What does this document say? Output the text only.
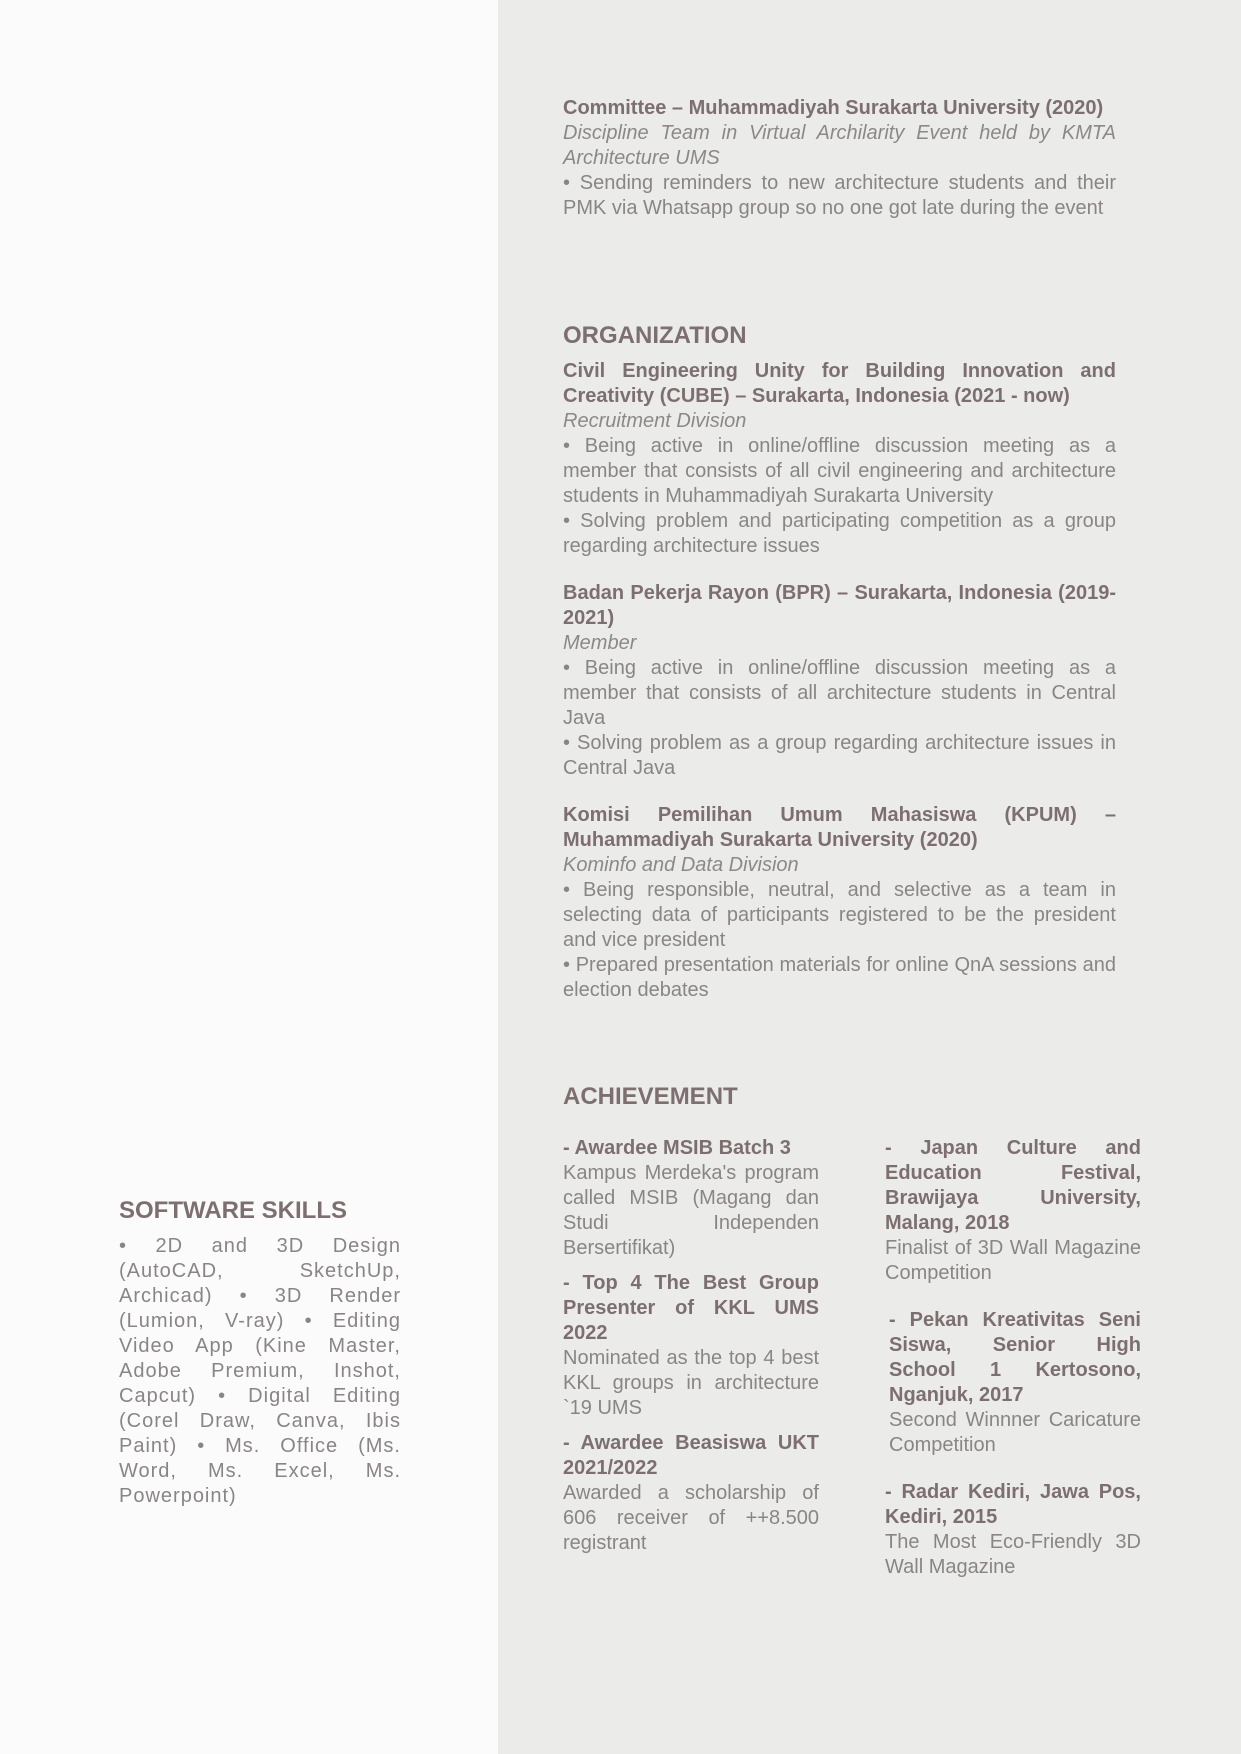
Committee – Muhammadiyah Surakarta University (2020)

Discipline Team in Virtual Archilarity Event held by KMTA Architecture UMS

• Sending reminders to new architecture students and their PMK via Whatsapp group so no one got late during the event

ORGANIZATION

Civil Engineering Unity for Building Innovation and Creativity (CUBE) – Surakarta, Indonesia (2021 - now)

Recruitment Division

• Being active in online/offline discussion meeting as a member that consists of all civil engineering and architecture students in Muhammadiyah Surakarta University

• Solving problem and participating competition as a group regarding architecture issues

Badan Pekerja Rayon (BPR) – Surakarta, Indonesia (2019-2021)

Member

• Being active in online/offline discussion meeting as a member that consists of all architecture students in Central Java

• Solving problem as a group regarding architecture issues in Central Java

Komisi Pemilihan Umum Mahasiswa (KPUM) – Muhammadiyah Surakarta University (2020)

Kominfo and Data Division

• Being responsible, neutral, and selective as a team in selecting data of participants registered to be the president and vice president

• Prepared presentation materials for online QnA sessions and election debates

ACHIEVEMENT

- Awardee MSIB Batch 3

Kampus Merdeka's program called MSIB (Magang dan Studi Independen Bersertifikat)

- Top 4 The Best Group Presenter of KKL UMS 2022

Nominated as the top 4 best KKL groups in architecture `19 UMS

- Awardee Beasiswa UKT 2021/2022

Awarded a scholarship of 606 receiver of ++8.500 registrant

- Japan Culture and Education Festival, Brawijaya University, Malang, 2018

Finalist of 3D Wall Magazine Competition

- Pekan Kreativitas Seni Siswa, Senior High School 1 Kertosono, Nganjuk, 2017

Second Winnner Caricature Competition

- Radar Kediri, Jawa Pos, Kediri, 2015

The Most Eco-Friendly 3D Wall Magazine

SOFTWARE SKILLS

• 2D and 3D Design (AutoCAD, SketchUp, Archicad) • 3D Render (Lumion, V-ray) • Editing Video App (Kine Master, Adobe Premium, Inshot, Capcut) • Digital Editing (Corel Draw, Canva, Ibis Paint) • Ms. Office (Ms. Word, Ms. Excel, Ms. Powerpoint)
